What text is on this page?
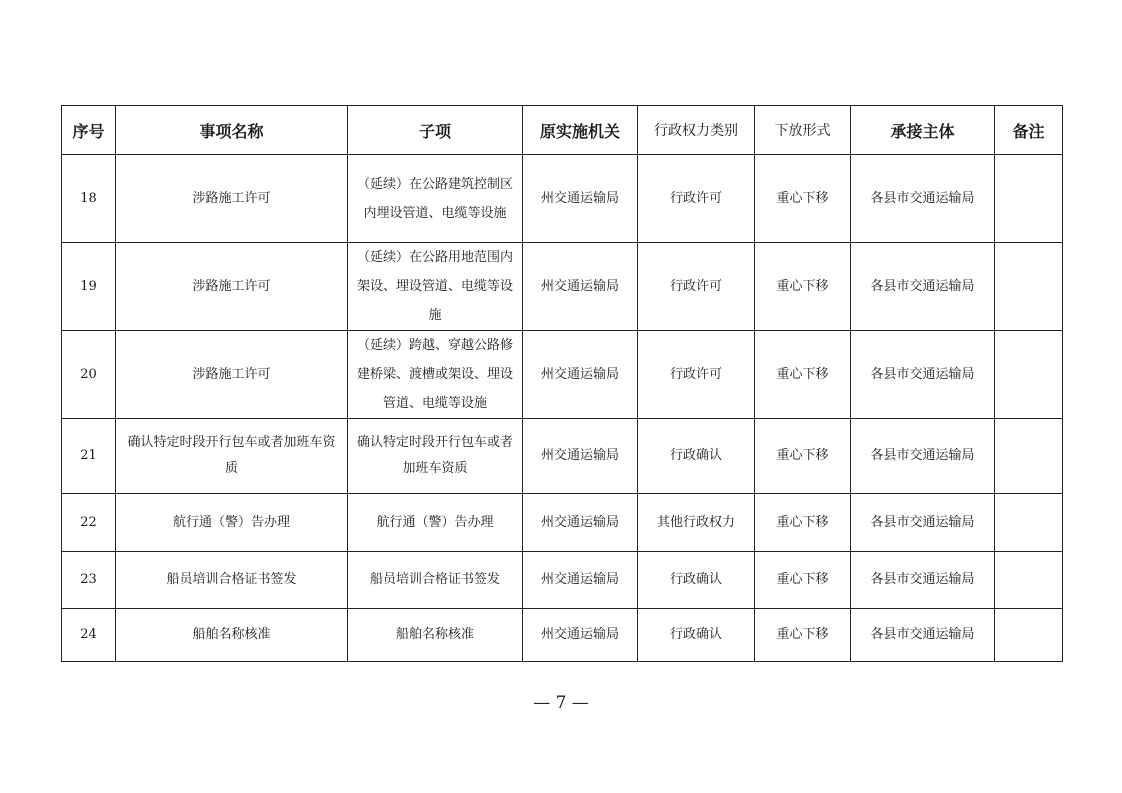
序号	事项名称	子项	原实施机关	行政权力类别	下放形式	承接主体	备注
18	涉路施工许可	（延续）在公路建筑控制区内埋设管道、电缆等设施	州交通运输局	行政许可	重心下移	各县市交通运输局	
19	涉路施工许可	（延续）在公路用地范围内架设、埋设管道、电缆等设施	州交通运输局	行政许可	重心下移	各县市交通运输局	
20	涉路施工许可	（延续）跨越、穿越公路修建桥梁、渡槽或架设、埋设管道、电缆等设施	州交通运输局	行政许可	重心下移	各县市交通运输局	
21	确认特定时段开行包车或者加班车资质	确认特定时段开行包车或者加班车资质	州交通运输局	行政确认	重心下移	各县市交通运输局	
22	航行通（警）告办理	航行通（警）告办理	州交通运输局	其他行政权力	重心下移	各县市交通运输局	
23	船员培训合格证书签发	船员培训合格证书签发	州交通运输局	行政确认	重心下移	各县市交通运输局	
24	船舶名称核准	船舶名称核准	州交通运输局	行政确认	重心下移	各县市交通运输局	
— 7 —
